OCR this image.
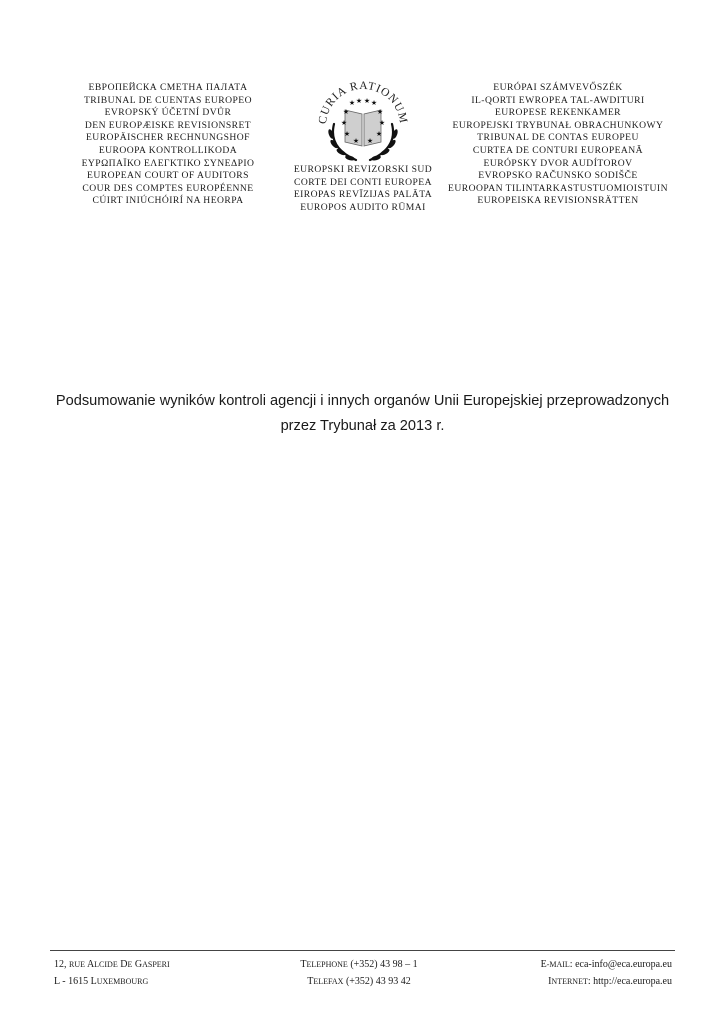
ЕВРОПЕЙСКА СМЕТНА ПАЛАТА
TRIBUNAL DE CUENTAS EUROPEO
EVROPSKÝ ÚČETNÍ DVŮR
DEN EUROPÆISKE REVISIONSRET
EUROPÄISCHER RECHNUNGSHOF
EUROOPA KONTROLLIKODA
ΕΥΡΩΠΑΪΚΟ ΕΛΕΓΚΤΙΚΟ ΣΥΝΕΔΡΙΟ
EUROPEAN COURT OF AUDITORS
COUR DES COMPTES EUROPÉENNE
CÚIRT INIÚCHÓIRÍ NA HEORPA
CURIA RATIONUM
★ ★ ★ ★
★	★
★	★
★	★
★ ★
EUROPSKI REVIZORSKI SUD
CORTE DEI CONTI EUROPEA
EIROPAS REVĪZIJAS PALĀTA
EUROPOS AUDITO RŪMAI
EURÓPAI SZÁMVEVŐSZÉK
IL-QORTI EWROPEA TAL-AWDITURI
EUROPESE REKENKAMER
EUROPEJSKI TRYBUNAŁ OBRACHUNKOWY
TRIBUNAL DE CONTAS EUROPEU
CURTEA DE CONTURI EUROPEANĂ
EURÓPSKY DVOR AUDÍTOROV
EVROPSKO RAČUNSKO SODIŠČE
EUROOPAN TILINTARKASTUSTUOMIOISTUIN
EUROPEISKA REVISIONSRÄTTEN
Podsumowanie wyników kontroli agencji i innych organów Unii Europejskiej przeprowadzonych
przez Trybunał za 2013 r.
12, RUE ALCIDE DE GASPERI
L - 1615 LUXEMBOURG
TELEPHONE (+352) 43 98 – 1
TELEFAX (+352) 43 93 42
E-MAIL: eca-info@eca.europa.eu
INTERNET: http://eca.europa.eu
